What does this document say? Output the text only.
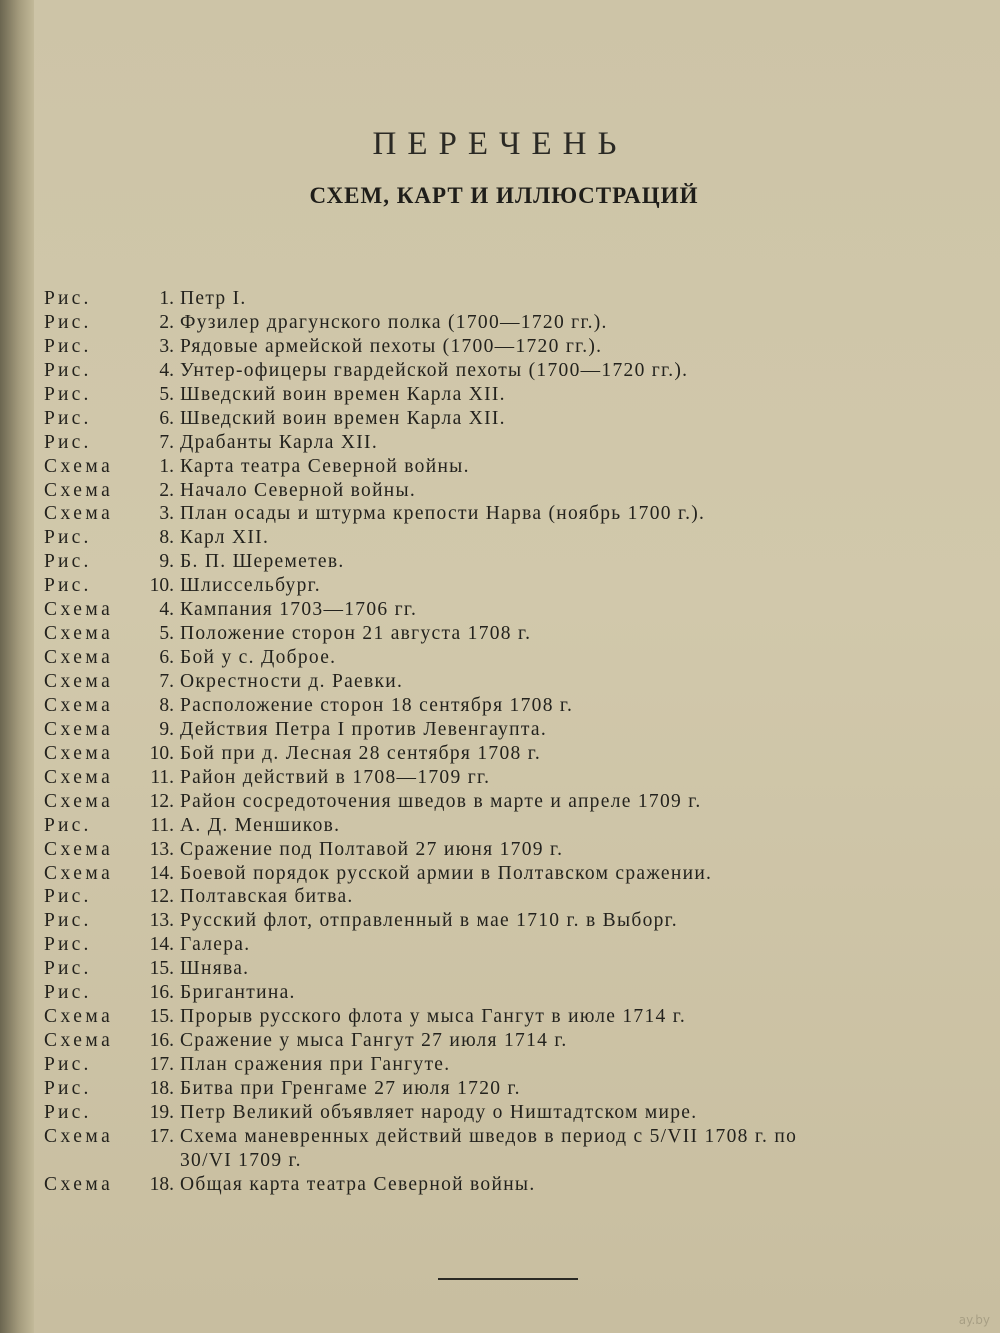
ПЕРЕЧЕНЬ
СХЕМ, КАРТ И ИЛЛЮСТРАЦИЙ
Рис.	1. Петр I.
Рис.	2. Фузилер драгунского полка (1700—1720 гг.).
Рис.	3. Рядовые армейской пехоты (1700—1720 гг.).
Рис.	4. Унтер-офицеры гвардейской пехоты (1700—1720 гг.).
Рис.	5. Шведский воин времен Карла XII.
Рис.	6. Шведский воин времен Карла XII.
Рис.	7. Драбанты Карла XII.
Схема	1. Карта театра Северной войны.
Схема	2. Начало Северной войны.
Схема	3. План осады и штурма крепости Нарва (ноябрь 1700 г.).
Рис.	8. Карл XII.
Рис.	9. Б. П. Шереметев.
Рис.	10. Шлиссельбург.
Схема	4. Кампания 1703—1706 гг.
Схема	5. Положение сторон 21 августа 1708 г.
Схема	6. Бой у с. Доброе.
Схема	7. Окрестности д. Раевки.
Схема	8. Расположение сторон 18 сентября 1708 г.
Схема	9. Действия Петра I против Левенгаупта.
Схема	10. Бой при д. Лесная 28 сентября 1708 г.
Схема	11. Район действий в 1708—1709 гг.
Схема	12. Район сосредоточения шведов в марте и апреле 1709 г.
Рис.	11. А. Д. Меншиков.
Схема	13. Сражение под Полтавой 27 июня 1709 г.
Схема	14. Боевой порядок русской армии в Полтавском сражении.
Рис.	12. Полтавская битва.
Рис.	13. Русский флот, отправленный в мае 1710 г. в Выборг.
Рис.	14. Галера.
Рис.	15. Шнява.
Рис.	16. Бригантина.
Схема	15. Прорыв русского флота у мыса Гангут в июле 1714 г.
Схема	16. Сражение у мыса Гангут 27 июля 1714 г.
Рис.	17. План сражения при Гангуте.
Рис.	18. Битва при Гренгаме 27 июля 1720 г.
Рис.	19. Петр Великий объявляет народу о Ништадтском мире.
Схема	17. Схема маневренных действий шведов в период с 5/VII 1708 г. по
30/VI 1709 г.
Схема	18. Общая карта театра Северной войны.
ay.by
